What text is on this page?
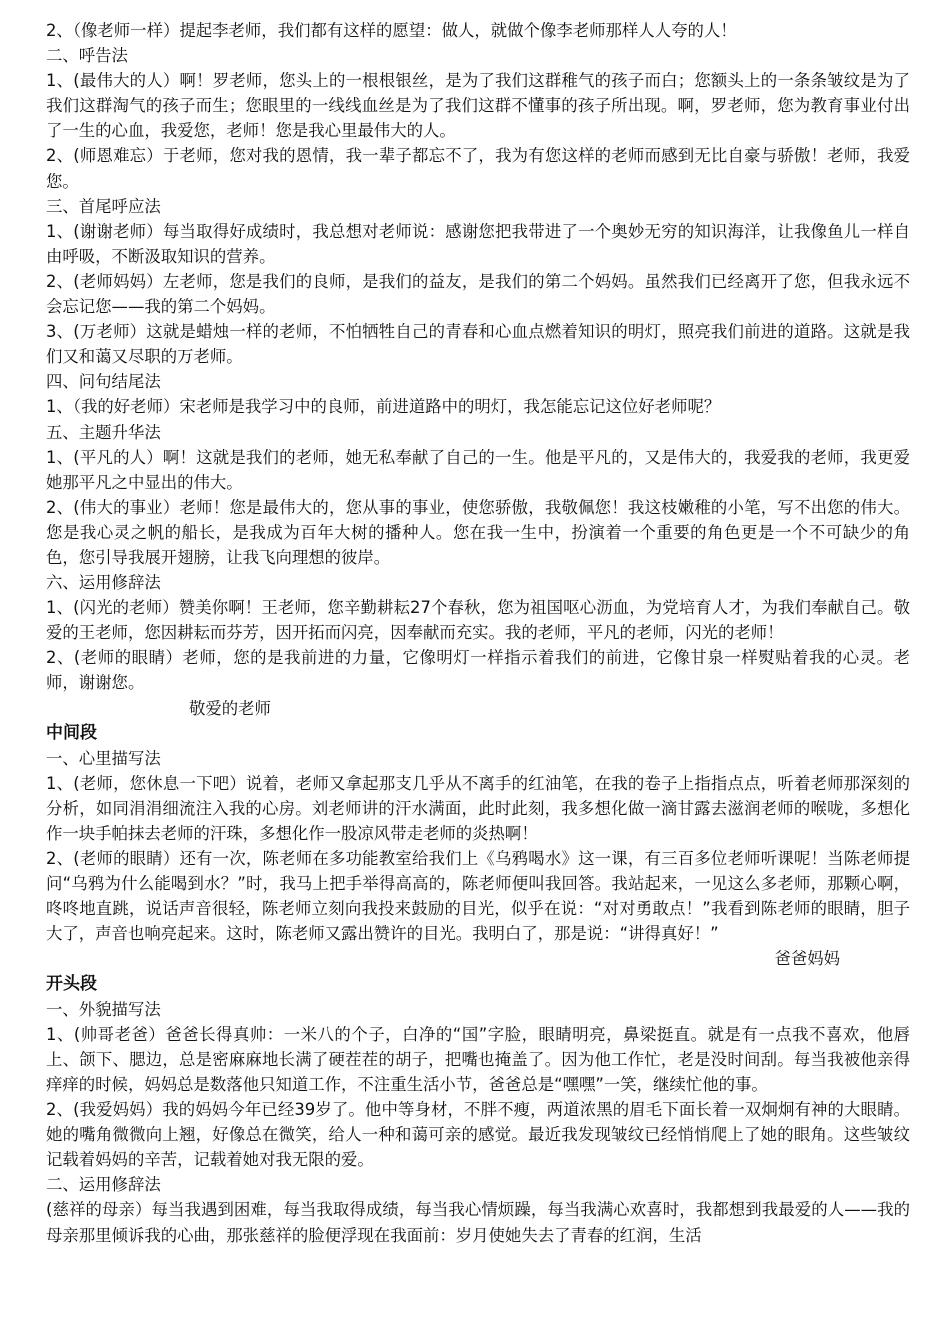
2、（像老师一样）提起李老师，我们都有这样的愿望：做人，就做个像李老师那样人人夸的人！

二、呼告法

1、(最伟大的人）啊！罗老师，您头上的一根根银丝，是为了我们这群稚气的孩子而白；您额头上的一条条皱纹是为了我们这群淘气的孩子而生；您眼里的一线线血丝是为了我们这群不懂事的孩子所出现。啊，罗老师，您为教育事业付出了一生的心血，我爱您，老师！您是我心里最伟大的人。

2、(师恩难忘）于老师，您对我的恩情，我一辈子都忘不了，我为有您这样的老师而感到无比自豪与骄傲！老师，我爱您。

三、首尾呼应法

1、(谢谢老师）每当取得好成绩时，我总想对老师说：感谢您把我带进了一个奥妙无穷的知识海洋，让我像鱼儿一样自由呼吸，不断汲取知识的营养。

2、(老师妈妈）左老师，您是我们的良师，是我们的益友，是我们的第二个妈妈。虽然我们已经离开了您，但我永远不会忘记您——我的第二个妈妈。

3、(万老师）这就是蜡烛一样的老师，不怕牺牲自己的青春和心血点燃着知识的明灯，照亮我们前进的道路。这就是我们又和蔼又尽职的万老师。

四、问句结尾法

1、（我的好老师）宋老师是我学习中的良师，前进道路中的明灯，我怎能忘记这位好老师呢？

五、主题升华法

1、(平凡的人）啊！这就是我们的老师，她无私奉献了自己的一生。他是平凡的，又是伟大的，我爱我的老师，我更爱她那平凡之中显出的伟大。

2、(伟大的事业）老师！您是最伟大的，您从事的事业，使您骄傲，我敬佩您！我这枝嫩稚的小笔，写不出您的伟大。您是我心灵之帆的船长，是我成为百年大树的播种人。您在我一生中，扮演着一个重要的角色更是一个不可缺少的角色，您引导我展开翅膀，让我飞向理想的彼岸。

六、运用修辞法

1、(闪光的老师）赞美你啊！王老师，您辛勤耕耘27个春秋，您为祖国呕心沥血，为党培育人才，为我们奉献自己。敬爱的王老师，您因耕耘而芬芳，因开拓而闪亮，因奉献而充实。我的老师，平凡的老师，闪光的老师！

2、(老师的眼睛）老师，您的是我前进的力量，它像明灯一样指示着我们的前进，它像甘泉一样熨贴着我的心灵。老师，谢谢您。

敬爱的老师

中间段

一、心里描写法

1、(老师，您休息一下吧）说着，老师又拿起那支几乎从不离手的红油笔，在我的卷子上指指点点，听着老师那深刻的分析，如同涓涓细流注入我的心房。刘老师讲的汗水满面，此时此刻，我多想化做一滴甘露去滋润老师的喉咙，多想化作一块手帕抹去老师的汗珠，多想化作一股凉风带走老师的炎热啊！

2、(老师的眼睛）还有一次，陈老师在多功能教室给我们上《乌鸦喝水》这一课，有三百多位老师听课呢！当陈老师提问“乌鸦为什么能喝到水？”时，我马上把手举得高高的，陈老师便叫我回答。我站起来，一见这么多老师，那颗心啊，咚咚地直跳，说话声音很轻，陈老师立刻向我投来鼓励的目光，似乎在说：“对对勇敢点！”我看到陈老师的眼睛，胆子大了，声音也响亮起来。这时，陈老师又露出赞许的目光。我明白了，那是说：“讲得真好！”

爸爸妈妈

开头段

一、外貌描写法

1、(帅哥老爸）爸爸长得真帅：一米八的个子，白净的“国”字脸，眼睛明亮，鼻梁挺直。就是有一点我不喜欢，他唇上、颌下、腮边，总是密麻麻地长满了硬茬茬的胡子，把嘴也掩盖了。因为他工作忙，老是没时间刮。每当我被他亲得痒痒的时候，妈妈总是数落他只知道工作，不注重生活小节，爸爸总是“嘿嘿”一笑，继续忙他的事。

2、(我爱妈妈）我的妈妈今年已经39岁了。他中等身材，不胖不瘦，两道浓黑的眉毛下面长着一双炯炯有神的大眼睛。她的嘴角微微向上翘，好像总在微笑，给人一种和蔼可亲的感觉。最近我发现皱纹已经悄悄爬上了她的眼角。这些皱纹记载着妈妈的辛苦，记载着她对我无限的爱。

二、运用修辞法

(慈祥的母亲）每当我遇到困难，每当我取得成绩，每当我心情烦躁，每当我满心欢喜时，我都想到我最爱的人——我的母亲那里倾诉我的心曲，那张慈祥的脸便浮现在我面前：岁月使她失去了青春的红润，生活
